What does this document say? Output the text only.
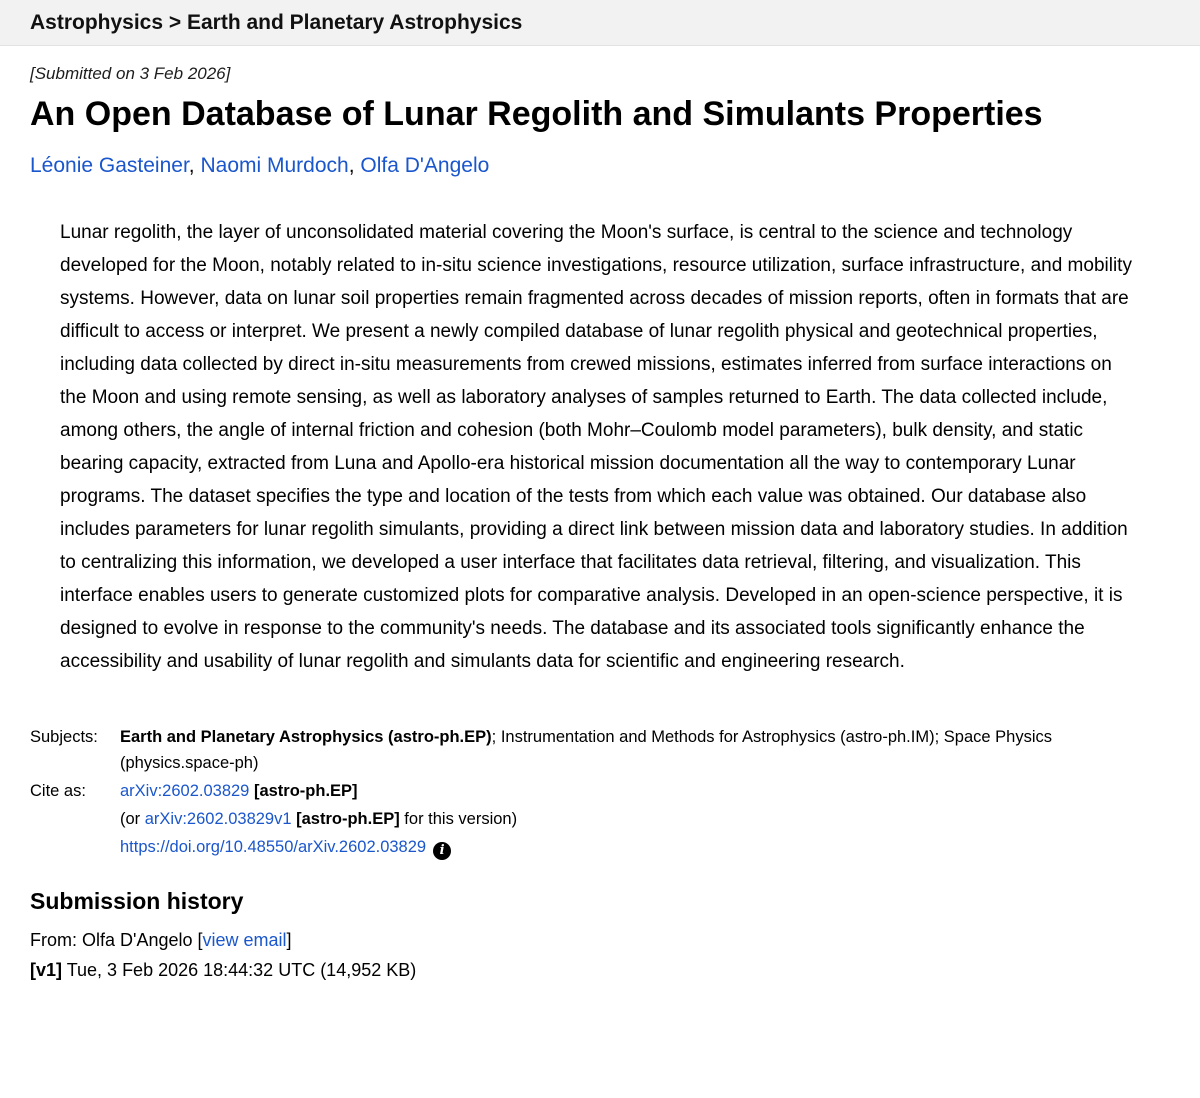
Astrophysics > Earth and Planetary Astrophysics
[Submitted on 3 Feb 2026]
An Open Database of Lunar Regolith and Simulants Properties
Léonie Gasteiner, Naomi Murdoch, Olfa D'Angelo

Lunar regolith, the layer of unconsolidated material covering the Moon's surface, is central to the science and technology developed for the Moon, notably related to in-situ science investigations, resource utilization, surface infrastructure, and mobility systems. However, data on lunar soil properties remain fragmented across decades of mission reports, often in formats that are difficult to access or interpret. We present a newly compiled database of lunar regolith physical and geotechnical properties, including data collected by direct in-situ measurements from crewed missions, estimates inferred from surface interactions on the Moon and using remote sensing, as well as laboratory analyses of samples returned to Earth. The data collected include, among others, the angle of internal friction and cohesion (both Mohr–Coulomb model parameters), bulk density, and static bearing capacity, extracted from Luna and Apollo-era historical mission documentation all the way to contemporary Lunar programs. The dataset specifies the type and location of the tests from which each value was obtained. Our database also includes parameters for lunar regolith simulants, providing a direct link between mission data and laboratory studies. In addition to centralizing this information, we developed a user interface that facilitates data retrieval, filtering, and visualization. This interface enables users to generate customized plots for comparative analysis. Developed in an open-science perspective, it is designed to evolve in response to the community's needs. The database and its associated tools significantly enhance the accessibility and usability of lunar regolith and simulants data for scientific and engineering research.

Subjects:	Earth and Planetary Astrophysics (astro-ph.EP); Instrumentation and Methods for Astrophysics (astro-ph.IM); Space Physics (physics.space-ph)
Cite as:	arXiv:2602.03829 [astro-ph.EP]
(or arXiv:2602.03829v1 [astro-ph.EP] for this version)
https://doi.org/10.48550/arXiv.2602.03829 i
Submission history

From: Olfa D'Angelo [view email]

[v1] Tue, 3 Feb 2026 18:44:32 UTC (14,952 KB)
